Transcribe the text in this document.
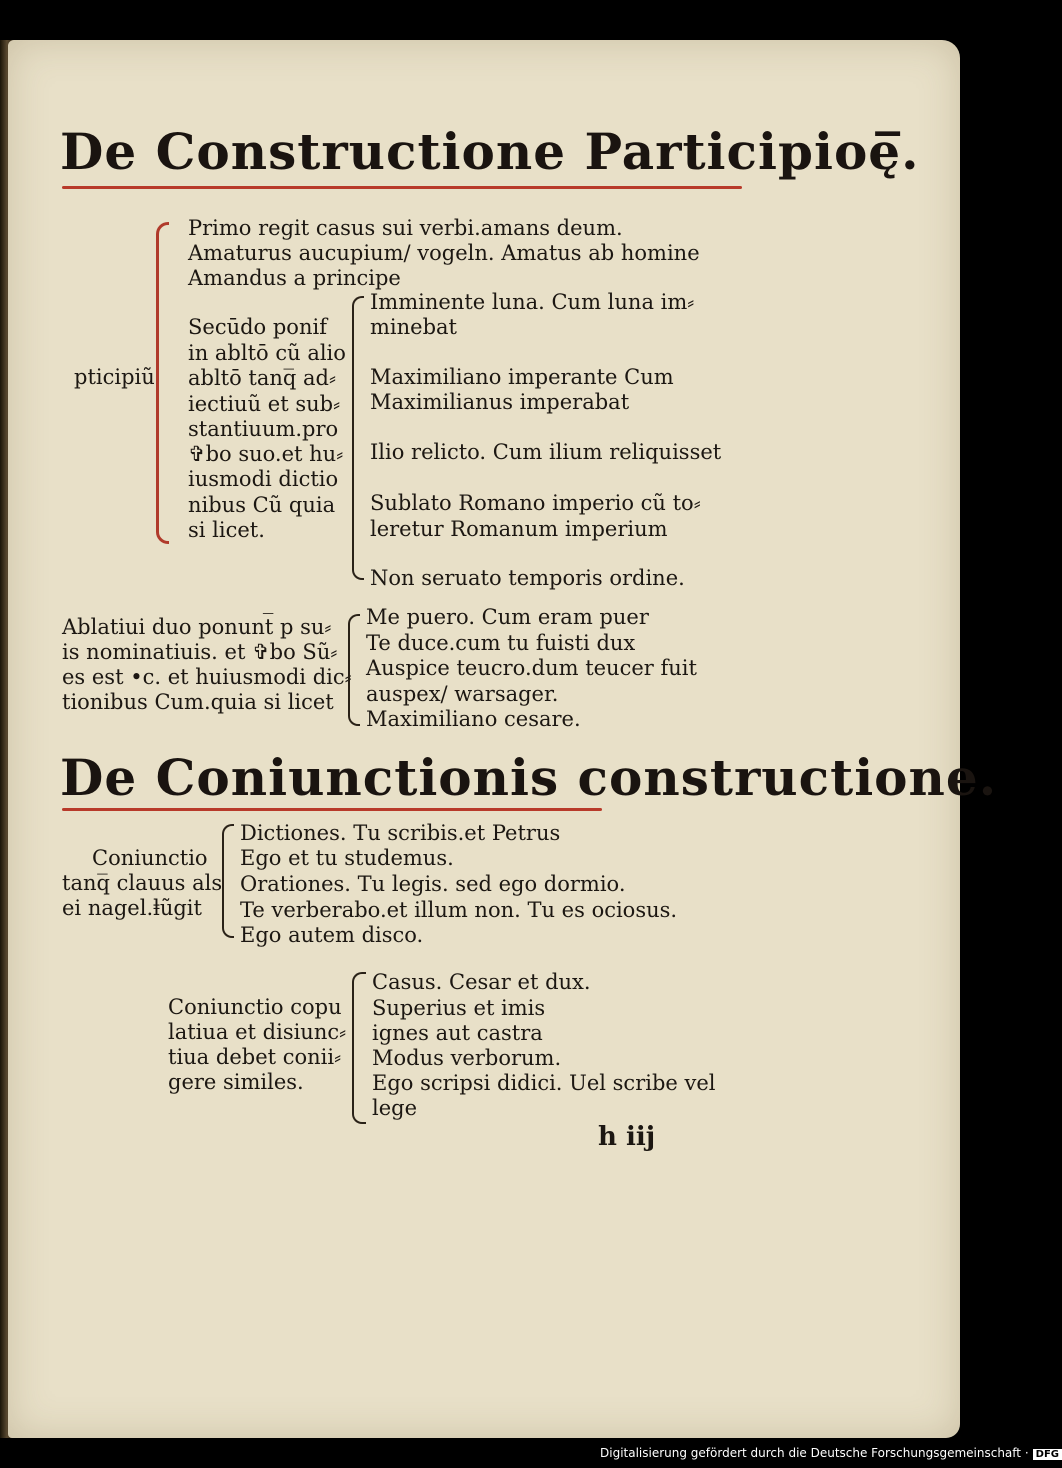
De Constructione Participioę̅.
pticipiũ
Primo regit casus sui verbi.amans deum.
Amaturus aucupium/ vogeln. Amatus ab homine
Amandus a principe
Secūdo ponif
in abltō cũ alio
abltō tanq̅ ad⸗
iectiuũ et sub⸗
stantiuum.pro
✞bo suo.et hu⸗
iusmodi dictio
nibus Cũ quia
si licet.
Imminente luna. Cum luna im⸗
minebat
Maximiliano imperante Cum
Maximilianus imperabat
Ilio relicto. Cum ilium reliquisset
Sublato Romano imperio cũ to⸗
leretur Romanum imperium
Non seruato temporis ordine.
Ablatiui duo ponunt̅ p su⸗
is nominatiuis. et ✞bo Sũ⸗
es est •c. et huiusmodi dic⸗
tionibus Cum.quia si licet
Me puero. Cum eram puer
Te duce.cum tu fuisti dux
Auspice teucro.dum teucer fuit
auspex/ warsager.
Maximiliano cesare.
De Coniunctionis constructione.
Coniunctio
tanq̅ clauus als
ei nagel.ⱡũgit
Dictiones. Tu scribis.et Petrus
Ego et tu studemus.
Orationes. Tu legis. sed ego dormio.
Te verberabo.et illum non. Tu es ociosus.
Ego autem disco.
Coniunctio copu
latiua et disiunc⸗
tiua debet conii⸗
gere similes.
Casus. Cesar et dux.
Superius et imis
ignes aut castra
Modus verborum.
Ego scripsi didici. Uel scribe vel
lege
h iij
Digitalisierung gefördert durch die Deutsche Forschungsgemeinschaft · DFG
